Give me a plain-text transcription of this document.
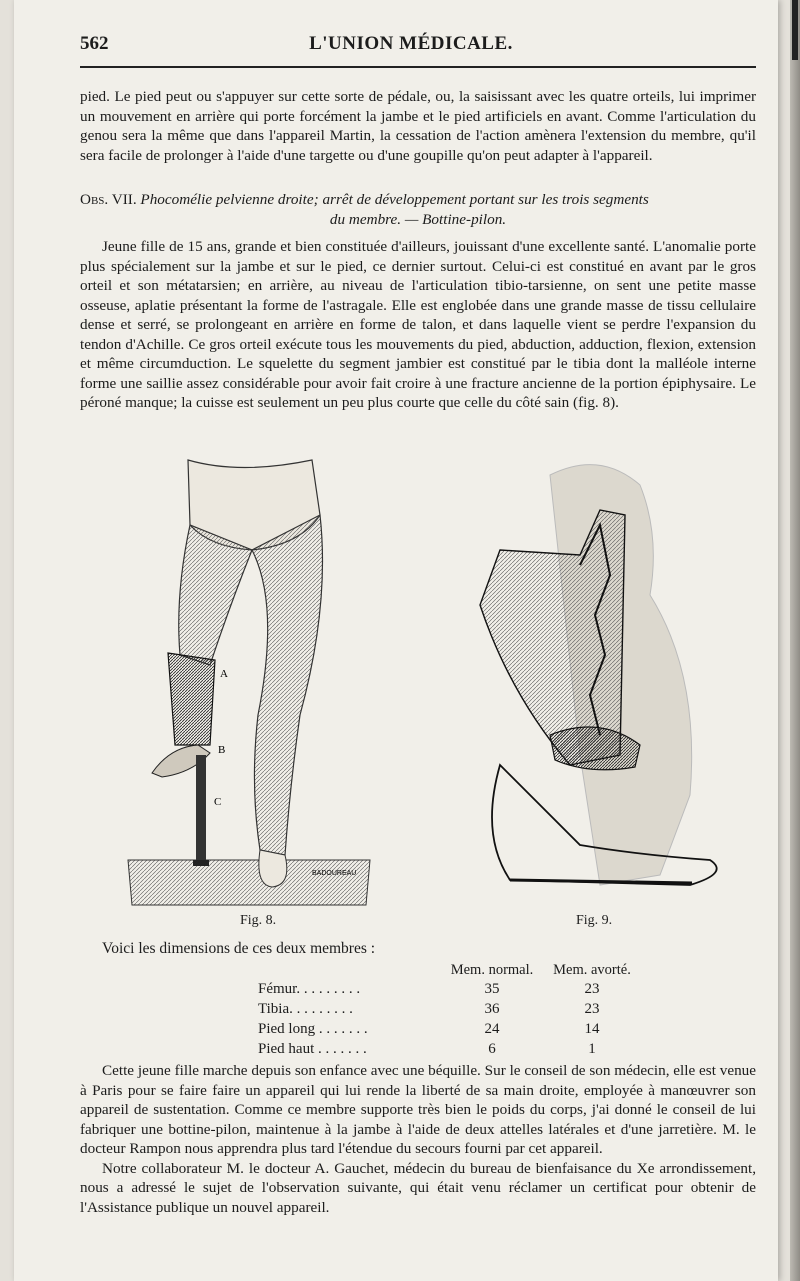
562	L'UNION MÉDICALE.

pied. Le pied peut ou s'appuyer sur cette sorte de pédale, ou, la saisissant avec les quatre orteils, lui imprimer un mouvement en arrière qui porte forcément la jambe et le pied artificiels en avant. Comme l'articulation du genou sera la même que dans l'appareil Martin, la cessation de l'action amènera l'extension du membre, qu'il sera facile de prolonger à l'aide d'une targette ou d'une goupille qu'on peut adapter à l'appareil.

Obs. VII. Phocomélie pelvienne droite; arrêt de développement portant sur les trois segments
du membre. — Bottine-pilon.

Jeune fille de 15 ans, grande et bien constituée d'ailleurs, jouissant d'une excellente santé. L'anomalie porte plus spécialement sur la jambe et sur le pied, ce dernier surtout. Celui-ci est constitué en avant par le gros orteil et son métatarsien; en arrière, au niveau de l'articulation tibio-tarsienne, on sent une petite masse osseuse, aplatie présentant la forme de l'astragale. Elle est englobée dans une grande masse de tissu cellulaire dense et serré, se prolongeant en arrière en forme de talon, et dans laquelle vient se perdre l'expansion du tendon d'Achille. Ce gros orteil exécute tous les mouvements du pied, abduction, adduction, flexion, extension et même circumduction. Le squelette du segment jambier est constitué par le tibia dont la malléole interne forme une saillie assez considérable pour avoir fait croire à une fracture ancienne de la portion épiphysaire. Le péroné manque; la cuisse est seulement un peu plus courte que celle du côté sain (fig. 8).

A
B
C
BADOUREAU
Fig. 8.	Fig. 9.
Voici les dimensions de ces deux membres :
	Mem. normal.	Mem. avorté.
Fémur. . . . . . . . .	35	23
Tibia. . . . . . . . .	36	23
Pied long . . . . . . .	24	14
Pied haut . . . . . . .	6	1

Cette jeune fille marche depuis son enfance avec une béquille. Sur le conseil de son médecin, elle est venue à Paris pour se faire faire un appareil qui lui rende la liberté de sa main droite, employée à manœuvrer son appareil de sustentation. Comme ce membre supporte très bien le poids du corps, j'ai donné le conseil de lui fabriquer une bottine-pilon, maintenue à la jambe à l'aide de deux attelles latérales et d'une jarretière. M. le docteur Rampon nous apprendra plus tard l'étendue du secours fourni par cet appareil.

Notre collaborateur M. le docteur A. Gauchet, médecin du bureau de bienfaisance du Xe arrondissement, nous a adressé le sujet de l'observation suivante, qui était venu réclamer un certificat pour obtenir de l'Assistance publique un nouvel appareil.
